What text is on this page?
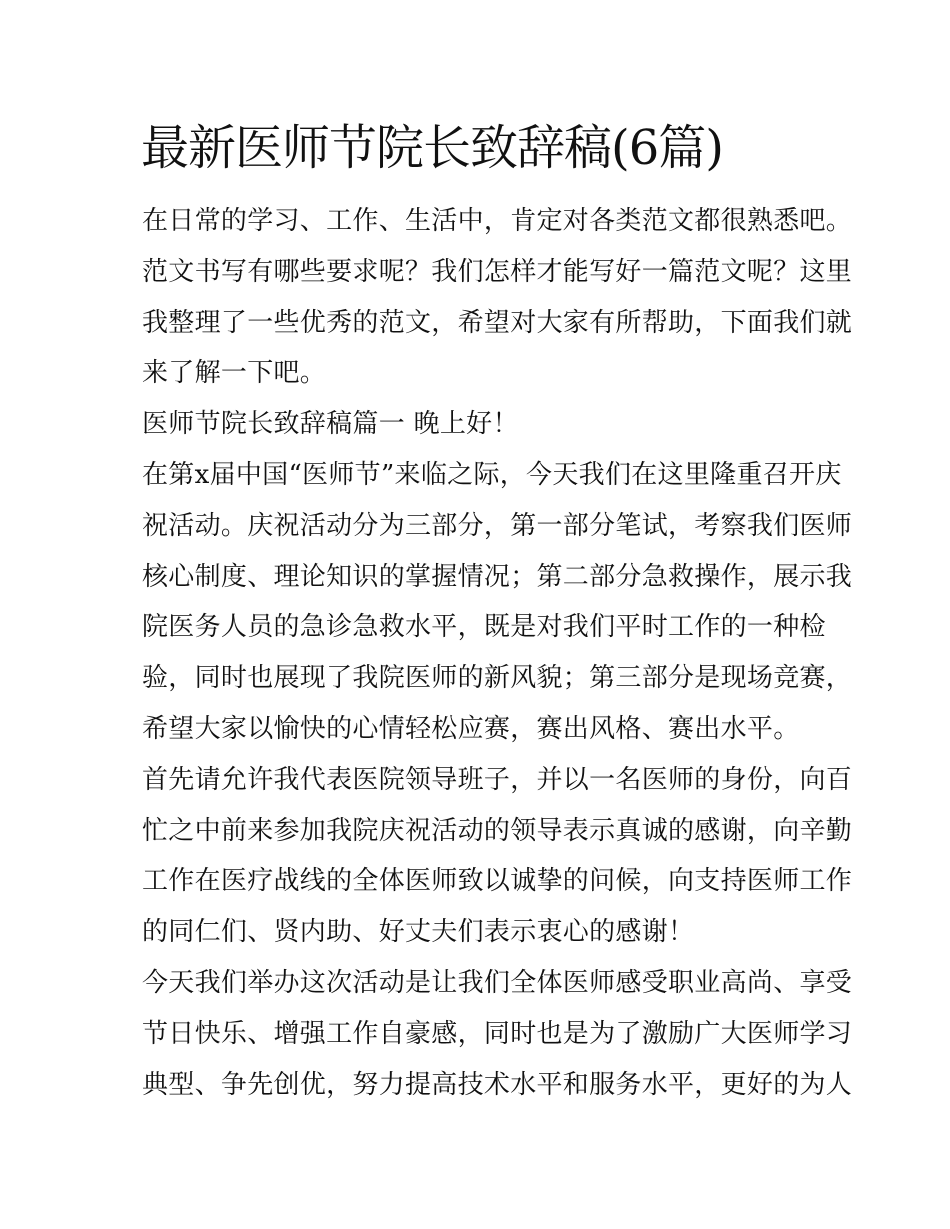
最新医师节院长致辞稿(6篇)
在日常的学习、工作、生活中，肯定对各类范文都很熟悉吧。
范文书写有哪些要求呢？我们怎样才能写好一篇范文呢？这里
我整理了一些优秀的范文，希望对大家有所帮助，下面我们就
来了解一下吧。
医师节院长致辞稿篇一 晚上好！
在第x届中国“医师节”来临之际，今天我们在这里隆重召开庆
祝活动。庆祝活动分为三部分，第一部分笔试，考察我们医师
核心制度、理论知识的掌握情况；第二部分急救操作，展示我
院医务人员的急诊急救水平，既是对我们平时工作的一种检
验，同时也展现了我院医师的新风貌；第三部分是现场竞赛，
希望大家以愉快的心情轻松应赛，赛出风格、赛出水平。
首先请允许我代表医院领导班子，并以一名医师的身份，向百
忙之中前来参加我院庆祝活动的领导表示真诚的感谢，向辛勤
工作在医疗战线的全体医师致以诚挚的问候，向支持医师工作
的同仁们、贤内助、好丈夫们表示衷心的感谢！
今天我们举办这次活动是让我们全体医师感受职业高尚、享受
节日快乐、增强工作自豪感，同时也是为了激励广大医师学习
典型、争先创优，努力提高技术水平和服务水平，更好的为人
